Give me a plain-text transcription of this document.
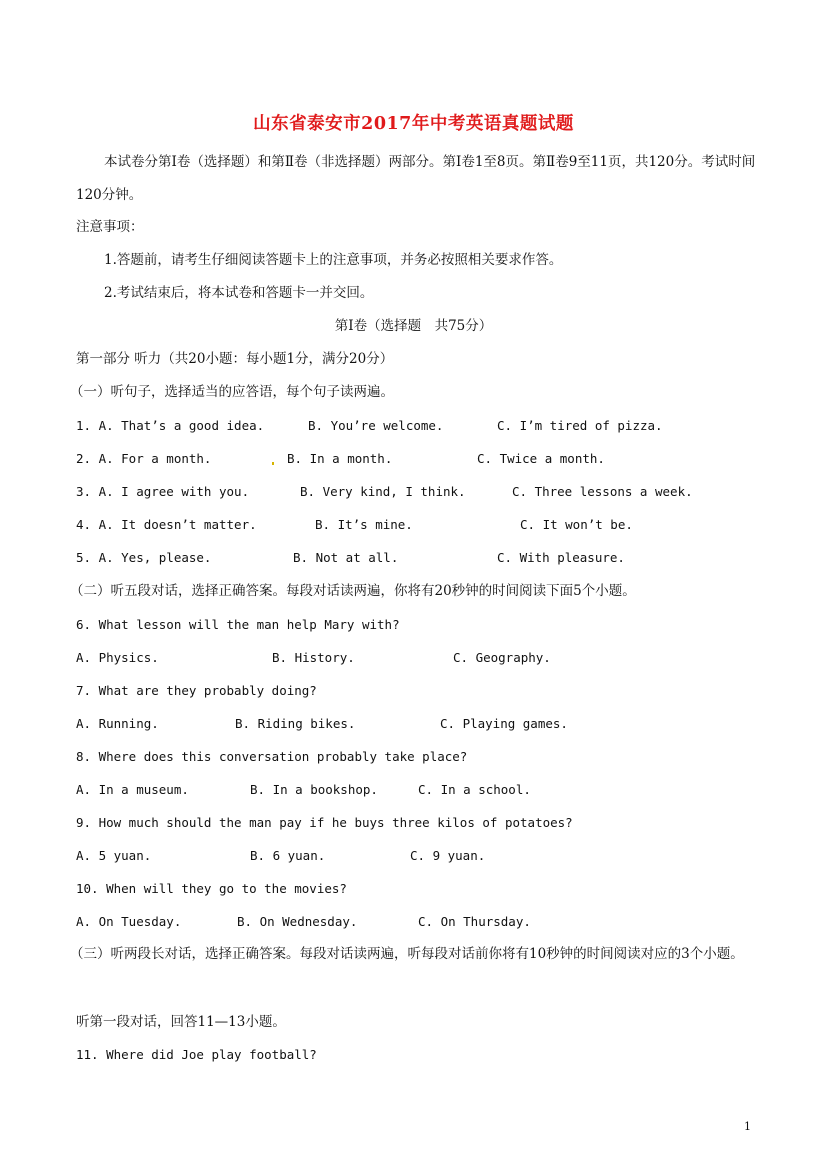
山东省泰安市2017年中考英语真题试题

本试卷分第Ⅰ卷（选择题）和第Ⅱ卷（非选择题）两部分。第Ⅰ卷1至8页。第Ⅱ卷9至11页，共120分。考试时间120分钟。

注意事项：
1.答题前，请考生仔细阅读答题卡上的注意事项，并务必按照相关要求作答。
2.考试结束后，将本试卷和答题卡一并交回。
第Ⅰ卷（选择题　共75分）
第一部分 听力（共20小题：每小题1分，满分20分）
（一）听句子，选择适当的应答语，每个句子读两遍。
1. A. That’s a good idea.	B. You’re welcome.	C. I’m tired of pizza.
2. A. For a month.	B. In a month.	C. Twice a month.
3. A. I agree with you.	B. Very kind, I think.	C. Three lessons a week.
4. A. It doesn’t matter.	B. It’s mine.	C. It won’t be.
5. A. Yes, please.	B. Not at all.	C. With pleasure.
（二）听五段对话，选择正确答案。每段对话读两遍，你将有20秒钟的时间阅读下面5个小题。
6. What lesson will the man help Mary with?
A. Physics.	B. History.	C. Geography.
7. What are they probably doing?
A. Running.	B. Riding bikes.	C. Playing games.
8. Where does this conversation probably take place?
A. In a museum.	B. In a bookshop.	C. In a school.
9. How much should the man pay if he buys three kilos of potatoes?
A. 5 yuan.	B. 6 yuan.	C. 9 yuan.
10. When will they go to the movies?
A. On Tuesday.	B. On Wednesday.	C. On Thursday.

（三）听两段长对话，选择正确答案。每段对话读两遍，听每段对话前你将有10秒钟的时间阅读对应的3个小题。

听第一段对话，回答11—13小题。
11. Where did Joe play football?
1
